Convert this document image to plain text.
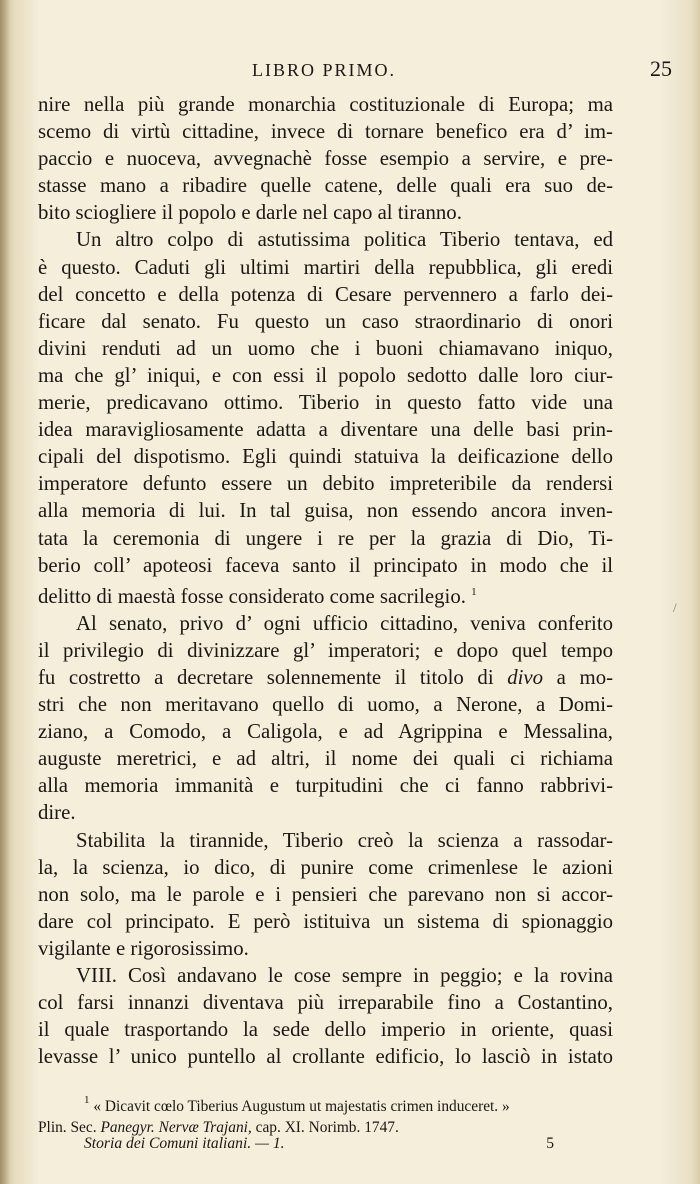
LIBRO PRIMO.	25

nire nella più grande monarchia costituzionale di Europa; ma
scemo di virtù cittadine, invece di tornare benefico era d’ im-
paccio e nuoceva, avvegnachè fosse esempio a servire, e pre-
stasse mano a ribadire quelle catene, delle quali era suo de-
bito sciogliere il popolo e darle nel capo al tiranno.

Un altro colpo di astutissima politica Tiberio tentava, ed
è questo. Caduti gli ultimi martiri della repubblica, gli eredi
del concetto e della potenza di Cesare pervennero a farlo dei-
ficare dal senato. Fu questo un caso straordinario di onori
divini renduti ad un uomo che i buoni chiamavano iniquo,
ma che gl’ iniqui, e con essi il popolo sedotto dalle loro ciur-
merie, predicavano ottimo. Tiberio in questo fatto vide una
idea maravigliosamente adatta a diventare una delle basi prin-
cipali del dispotismo. Egli quindi statuiva la deificazione dello
imperatore defunto essere un debito impreteribile da rendersi
alla memoria di lui. In tal guisa, non essendo ancora inven-
tata la ceremonia di ungere i re per la grazia di Dio, Ti-
berio coll’ apoteosi faceva santo il principato in modo che il
delitto di maestà fosse considerato come sacrilegio. $^1$

Al senato, privo d’ ogni ufficio cittadino, veniva conferito
il privilegio di divinizzare gl’ imperatori; e dopo quel tempo
fu costretto a decretare solennemente il titolo di divo a mo-
stri che non meritavano quello di uomo, a Nerone, a Domi-
ziano, a Comodo, a Caligola, e ad Agrippina e Messalina,
auguste meretrici, e ad altri, il nome dei quali ci richiama
alla memoria immanità e turpitudini che ci fanno rabbrivi-
dire.

Stabilita la tirannide, Tiberio creò la scienza a rassodar-
la, la scienza, io dico, di punire come crimenlese le azioni
non solo, ma le parole e i pensieri che parevano non si accor-
dare col principato. E però istituiva un sistema di spionaggio
vigilante e rigorosissimo.

VIII. Così andavano le cose sempre in peggio; e la rovina
col farsi innanzi diventava più irreparabile fino a Costantino,
il quale trasportando la sede dello imperio in oriente, quasi
levasse l’ unico puntello al crollante edificio, lo lasciò in istato

/
$^1$ « Dicavit cœlo Tiberius Augustum ut majestatis crimen induceret. »
Plin. Sec. Panegyr. Nervæ Trajani, cap. XI. Norimb. 1747.
Storia dei Comuni italiani. — 1.	5
